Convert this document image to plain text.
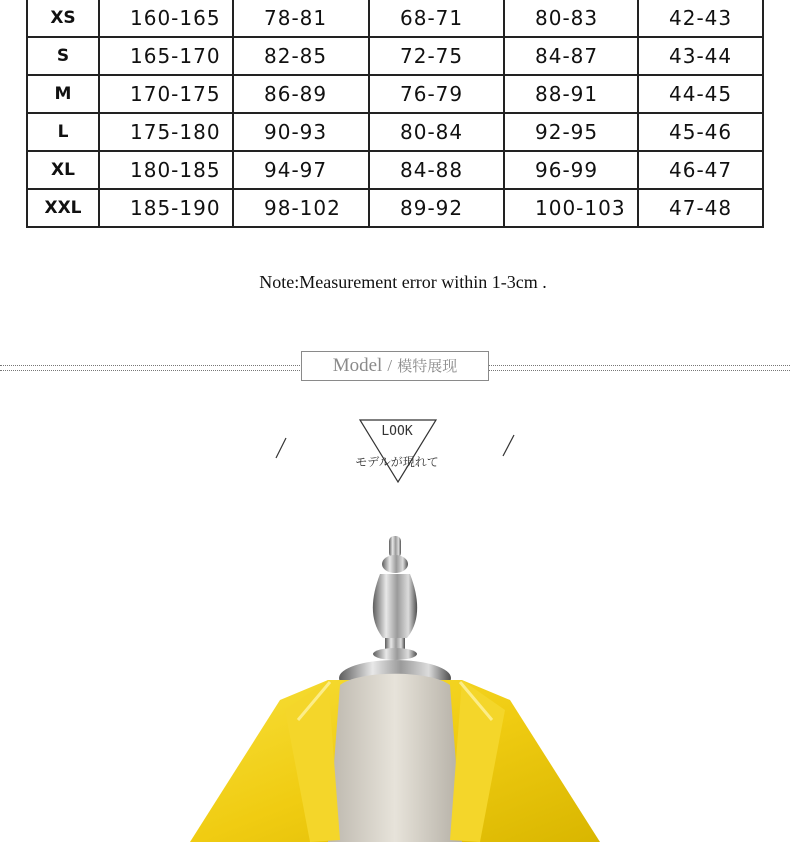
XS	160-165	78-81	68-71	80-83	42-43
S	165-170	82-85	72-75	84-87	43-44
M	170-175	86-89	76-79	88-91	44-45
L	175-180	90-93	80-84	92-95	45-46
XL	180-185	94-97	84-88	96-99	46-47
XXL	185-190	98-102	89-92	100-103	47-48
Note:Measurement error within 1-3cm .
Model / 模特展现
LOOK
モデルが現れて
